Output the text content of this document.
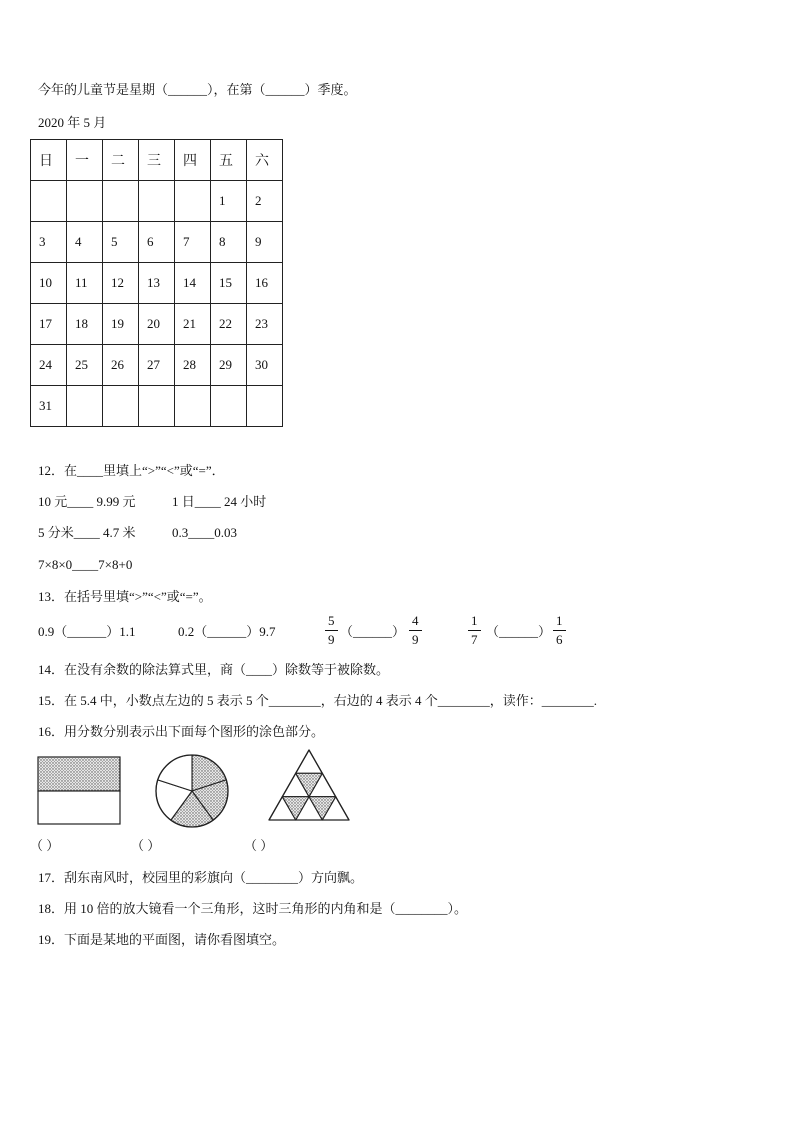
今年的儿童节是星期（______），在第（______）季度。
2020 年 5 月
日	一	二	三	四	五	六
					1	2
3	4	5	6	7	8	9
10	11	12	13	14	15	16
17	18	19	20	21	22	23
24	25	26	27	28	29	30
31						
12．在____里填上“>”“<”或“=”．
10 元____ 9.99 元	1 日____ 24 小时
5 分米____ 4.7 米	0.3____0.03
7×8×0____7×8+0
13．在括号里填“>”“<”或“=”。
0.9（______）1.1	0.2（______）9.7	$\frac{5}{9}$ （______） $\frac{4}{9}$	$\frac{1}{7}$ （______） $\frac{1}{6}$
14．在没有余数的除法算式里，商（____）除数等于被除数。
15．在 5.4 中，小数点左边的 5 表示 5 个________，右边的 4 表示 4 个________，读作：________.
16．用分数分别表示出下面每个图形的涂色部分。
（ ）	（ ）	（ ）
17．刮东南风时，校园里的彩旗向（________）方向飘。
18．用 10 倍的放大镜看一个三角形，这时三角形的内角和是（________）。
19．下面是某地的平面图，请你看图填空。
